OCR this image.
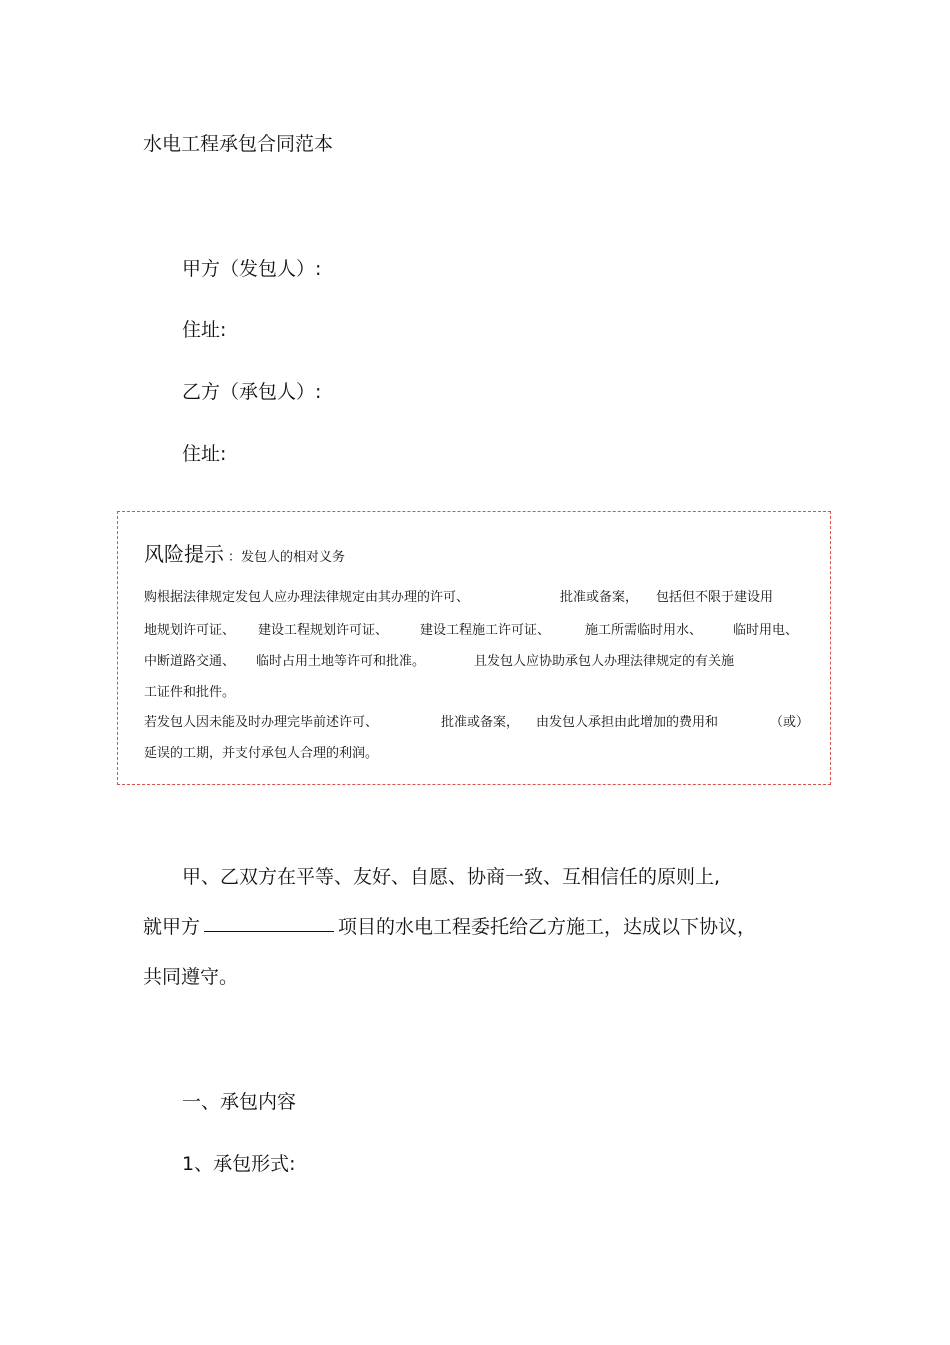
水电工程承包合同范本
甲方（发包人）:
住址:
乙方（承包人）:
住址:
风险提示 ：发包人的相对义务
购根据法律规定发包人应办理法律规定由其办理的许可、	批准或备案， 包括但不限于建设用
地规划许可证、 建设工程规划许可证、 建设工程施工许可证、	施工所需临时用水、 临时用电、
中断道路交通、 临时占用土地等许可和批准。	且发包人应协助承包人办理法律规定的有关施
工证件和批件。
若发包人因未能及时办理完毕前述许可、	批准或备案， 由发包人承担由此增加的费用和	（或）
延误的工期，并支付承包人合理的利润。
甲、乙双方在平等、友好、自愿、协商一致、互相信任的原则上,
就甲方	项目的水电工程委托给乙方施工，达成以下协议，
共同遵守。
一、承包内容
1、承包形式:
